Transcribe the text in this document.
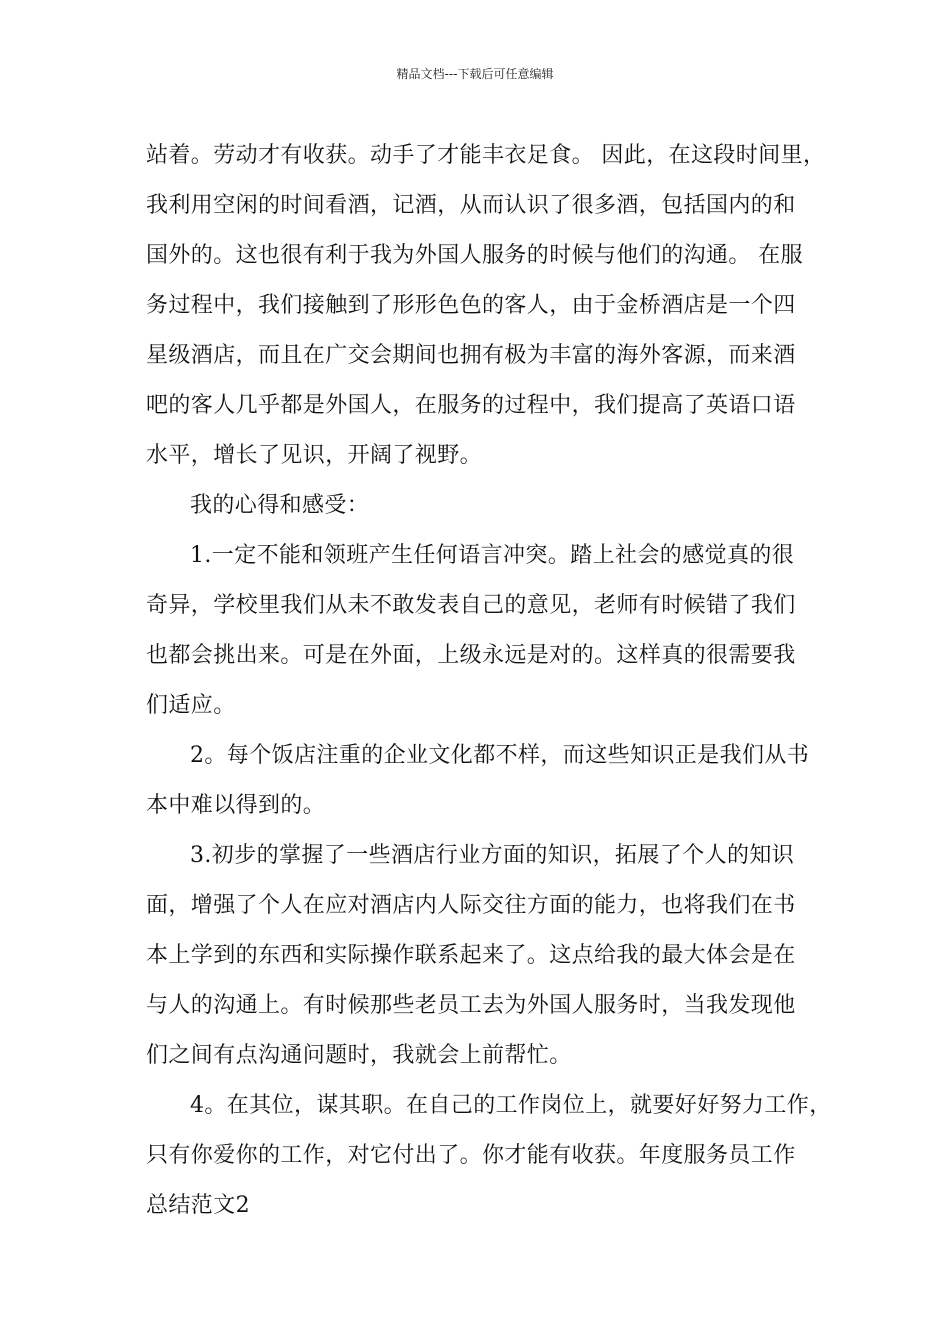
精品文档---下载后可任意编辑
站着。劳动才有收获。动手了才能丰衣足食。 因此，在这段时间里，
我利用空闲的时间看酒，记酒，从而认识了很多酒，包括国内的和
国外的。这也很有利于我为外国人服务的时候与他们的沟通。 在服
务过程中，我们接触到了形形色色的客人，由于金桥酒店是一个四
星级酒店，而且在广交会期间也拥有极为丰富的海外客源，而来酒
吧的客人几乎都是外国人，在服务的过程中，我们提高了英语口语
水平，增长了见识，开阔了视野。
我的心得和感受：
1.一定不能和领班产生任何语言冲突。踏上社会的感觉真的很
奇异，学校里我们从未不敢发表自己的意见，老师有时候错了我们
也都会挑出来。可是在外面，上级永远是对的。这样真的很需要我
们适应。
2。每个饭店注重的企业文化都不样，而这些知识正是我们从书
本中难以得到的。
3.初步的掌握了一些酒店行业方面的知识，拓展了个人的知识
面，增强了个人在应对酒店内人际交往方面的能力，也将我们在书
本上学到的东西和实际操作联系起来了。这点给我的最大体会是在
与人的沟通上。有时候那些老员工去为外国人服务时，当我发现他
们之间有点沟通问题时，我就会上前帮忙。
4。在其位，谋其职。在自己的工作岗位上，就要好好努力工作，
只有你爱你的工作，对它付出了。你才能有收获。年度服务员工作
总结范文2
